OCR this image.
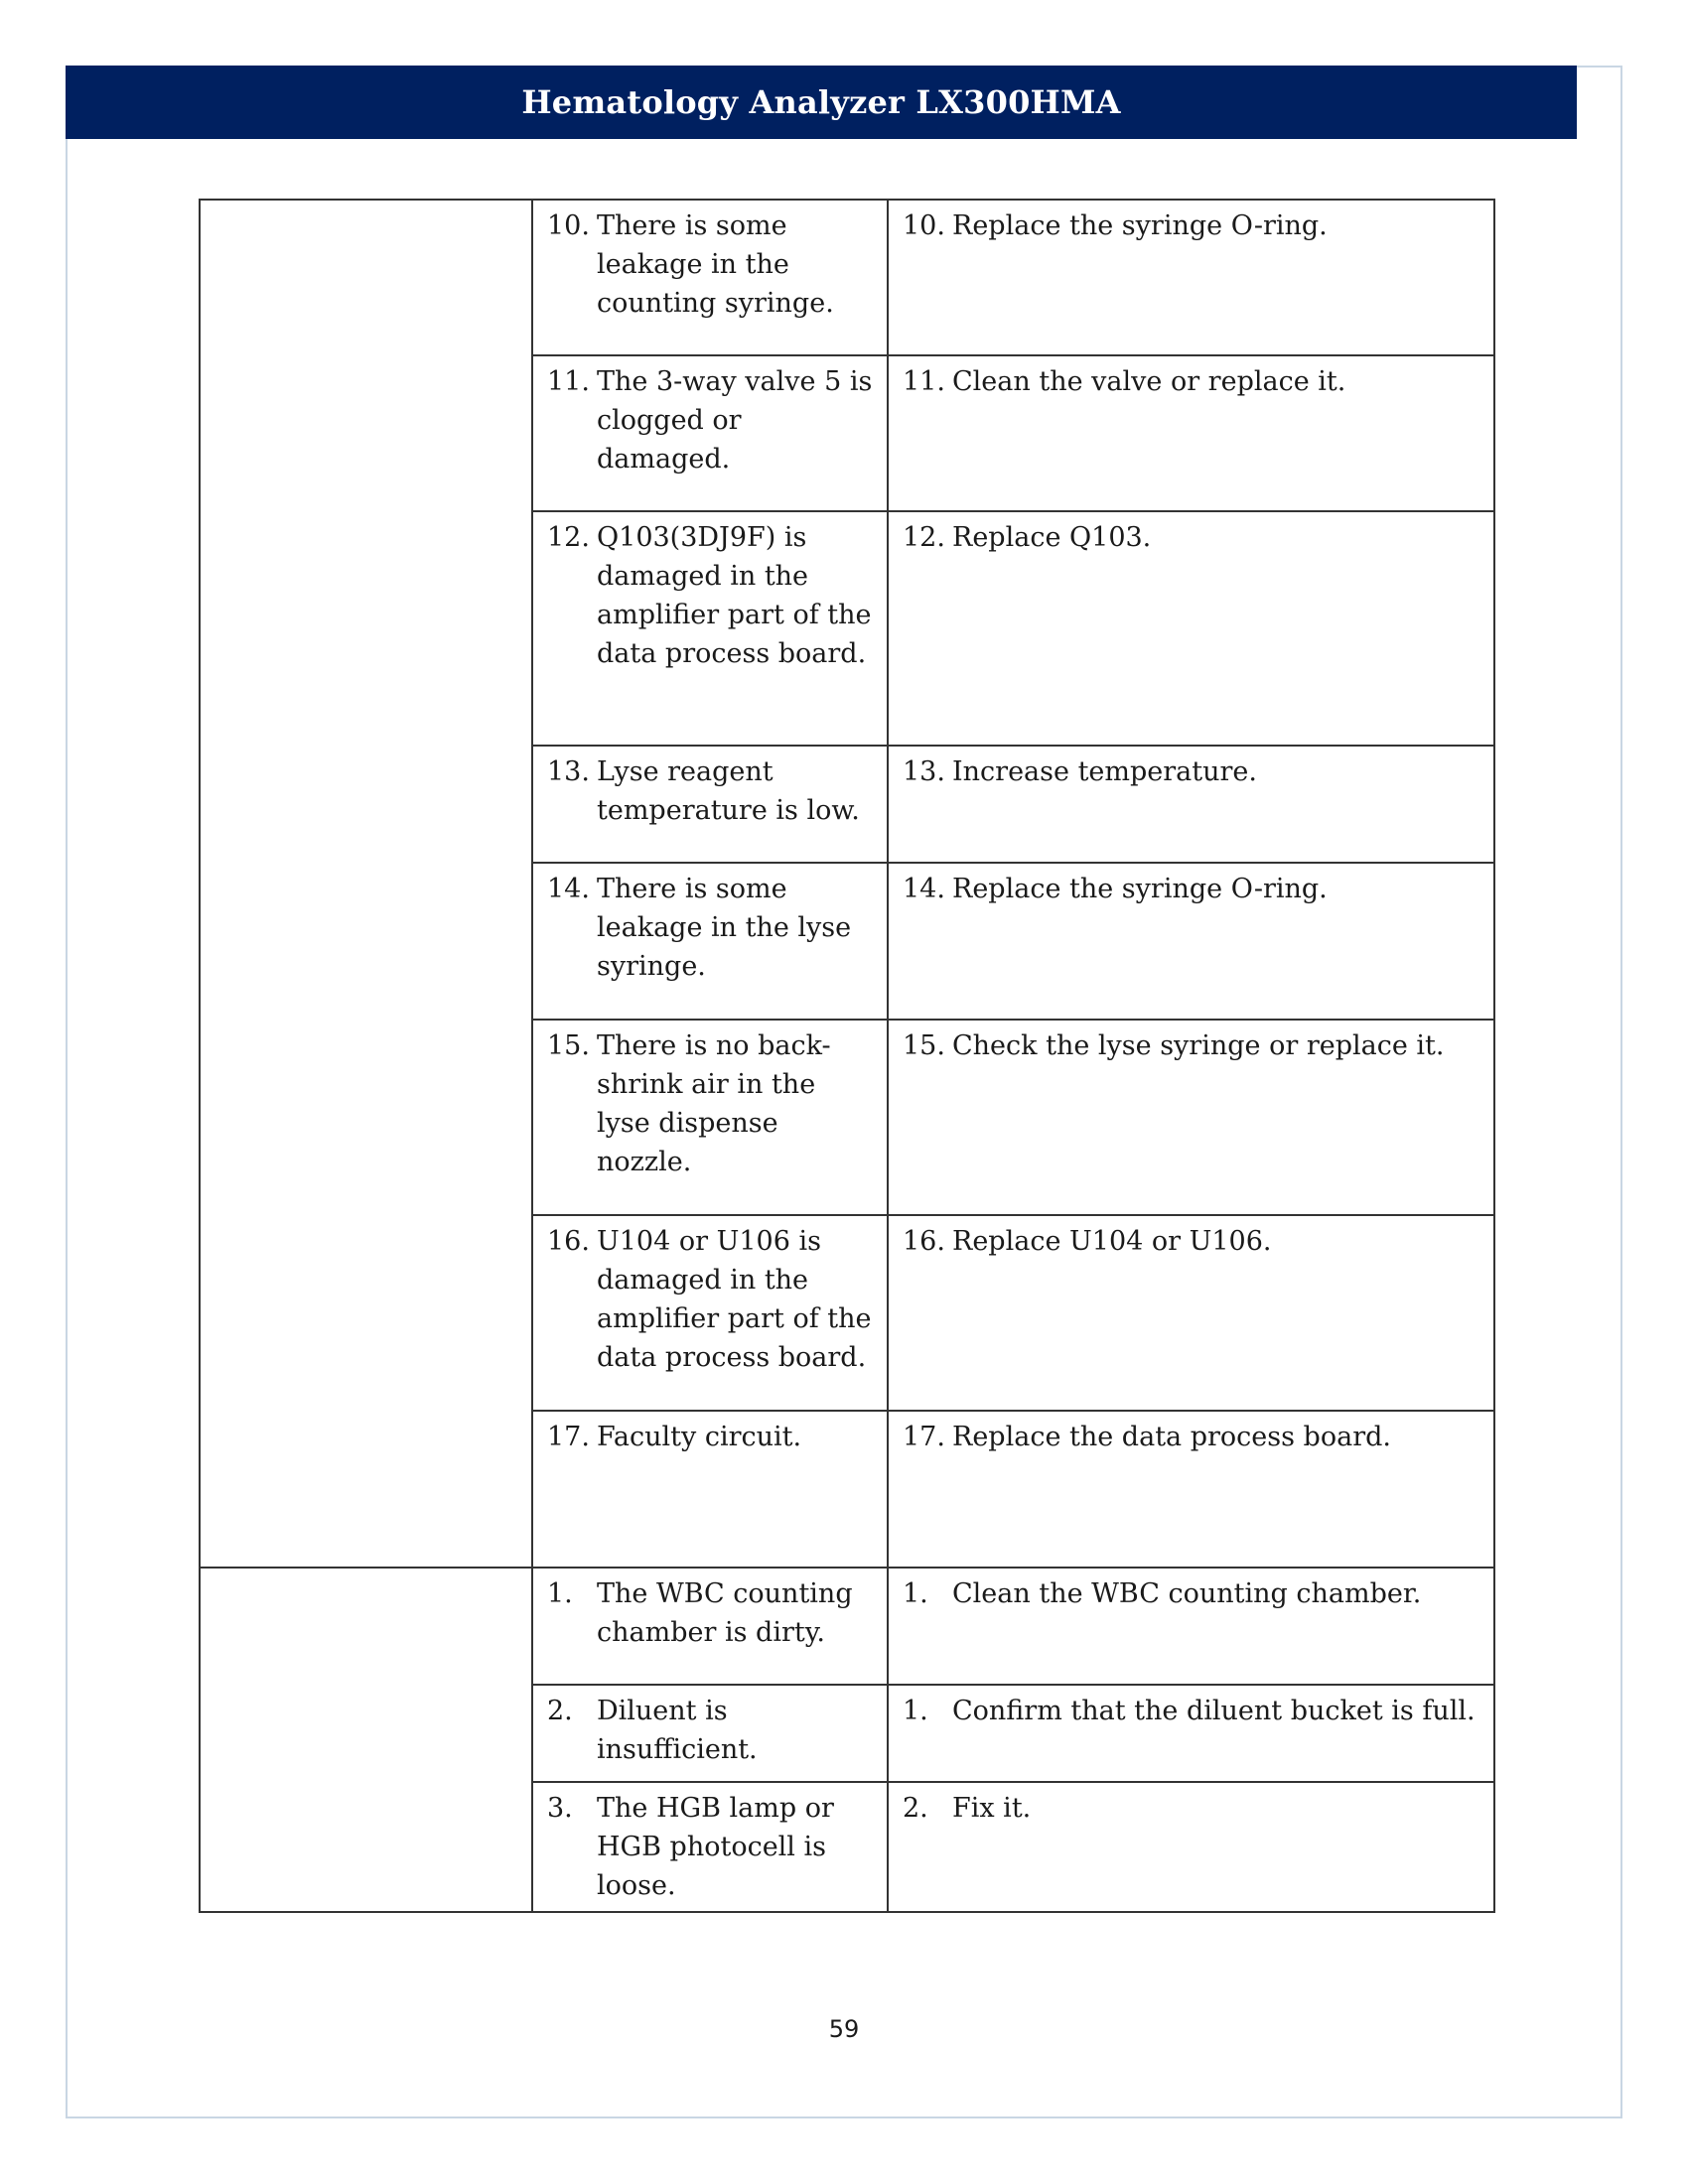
Hematology Analyzer LX300HMA

	10. There is some leakage in the counting syringe.	10. Replace the syringe O-ring.

	11. The 3-way valve 5 is clogged or damaged.	11. Clean the valve or replace it.

	12. Q103(3DJ9F) is damaged in the amplifier part of the data process board.	12. Replace Q103.

	13. Lyse reagent temperature is low.	13. Increase temperature.

	14. There is some leakage in the lyse syringe.	14. Replace the syringe O-ring.

	15. There is no back-shrink air in the lyse dispense nozzle.	15. Check the lyse syringe or replace it.

	16. U104 or U106 is damaged in the amplifier part of the data process board.	16. Replace U104 or U106.

	17. Faculty circuit.	17. Replace the data process board.

	1. The WBC counting chamber is dirty.	1. Clean the WBC counting chamber.

	2. Diluent is insufficient.	1. Confirm that the diluent bucket is full.

	3. The HGB lamp or HGB photocell is loose.	2. Fix it.
59
